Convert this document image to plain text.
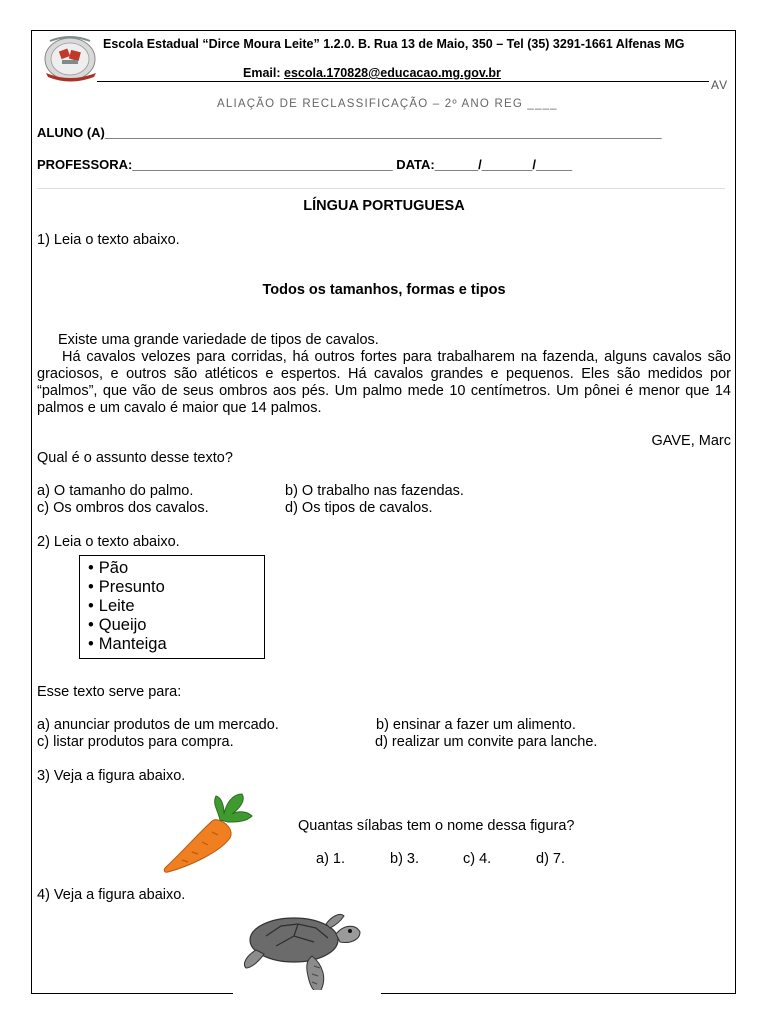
Escola Estadual “Dirce Moura Leite” 1.2.0. B. Rua 13 de Maio, 350 – Tel (35) 3291-1661 Alfenas MG
Email: escola.170828@educacao.mg.gov.br
AV
ALIAÇÃO DE RECLASSIFICAÇÃO – 2º ANO REG ____
ALUNO (A)_____________________________________________________________________________
PROFESSORA:____________________________________ DATA:______/_______/_____
LÍNGUA PORTUGUESA
1) Leia o texto abaixo.
Todos os tamanhos, formas e tipos
Existe uma grande variedade de tipos de cavalos.
Há cavalos velozes para corridas, há outros fortes para trabalharem na fazenda, alguns cavalos são graciosos, e outros são atléticos e espertos. Há cavalos grandes e pequenos. Eles são medidos por “palmos”, que vão de seus ombros aos pés. Um palmo mede 10 centímetros. Um pônei é menor que 14 palmos e um cavalo é maior que 14 palmos.
GAVE, Marc
Qual é o assunto desse texto?
a) O tamanho do palmo.	b) O trabalho nas fazendas.
c) Os ombros dos cavalos.	d) Os tipos de cavalos.
2) Leia o texto abaixo.
• Pão
• Presunto
• Leite
• Queijo
• Manteiga
Esse texto serve para:
a) anunciar produtos de um mercado.	b) ensinar a fazer um alimento.
c) listar produtos para compra.	d) realizar um convite para lanche.
3) Veja a figura abaixo.
Quantas sílabas tem o nome dessa figura?
a) 1.	b) 3.	c) 4.	d) 7.
4) Veja a figura abaixo.
